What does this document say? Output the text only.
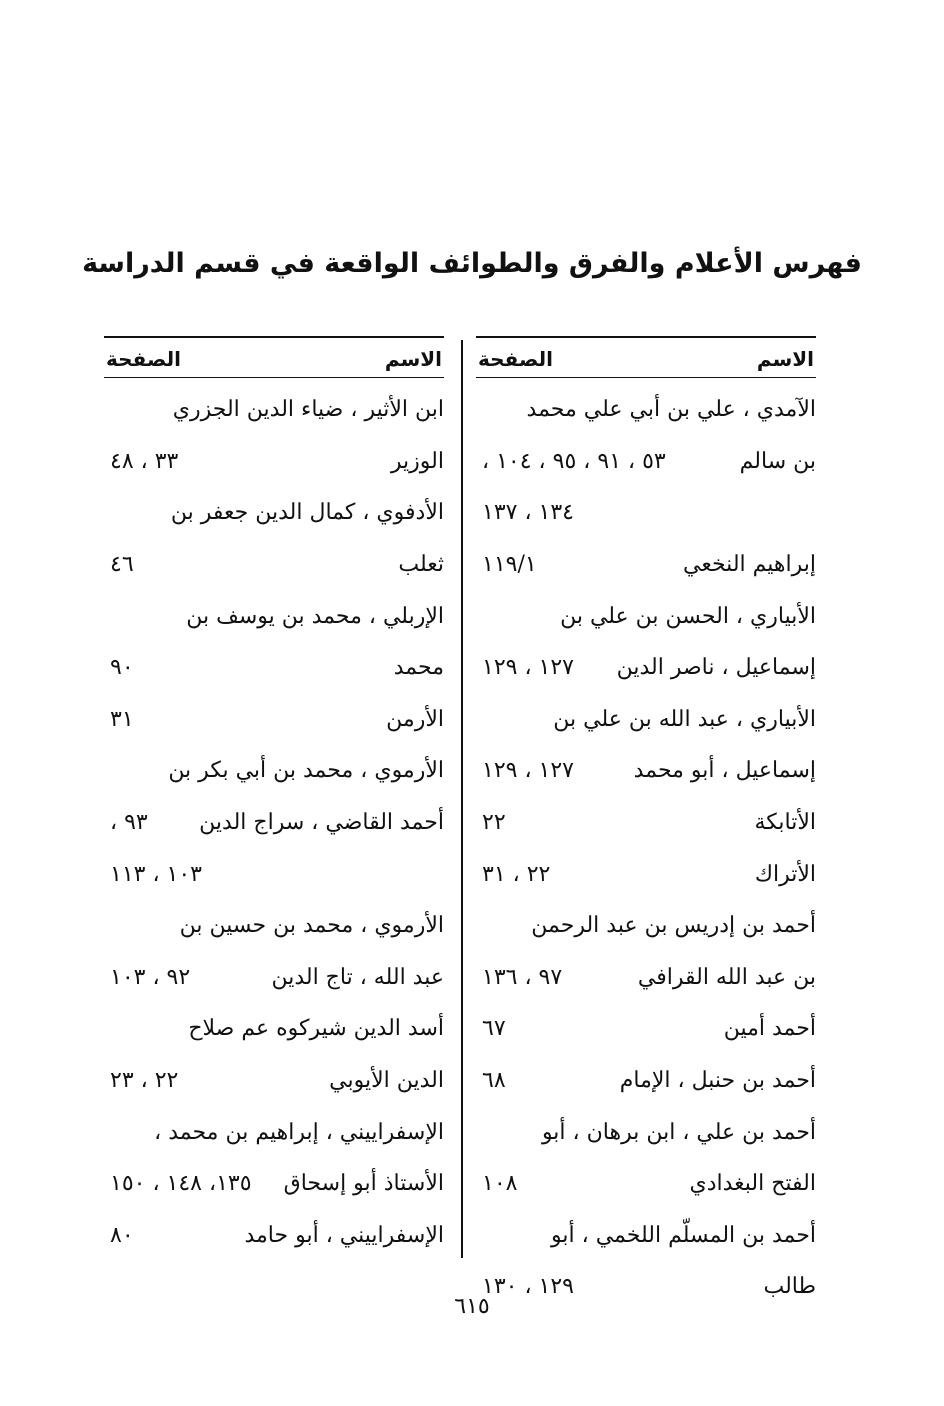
فهرس الأعلام والفرق والطوائف الواقعة في قسم الدراسة
الاسم
الصفحة
الآمدي ، علي بن أبي علي محمد
بن سالم
٥٣ ، ٩١ ، ٩٥ ، ١٠٤ ،
١٣٤ ، ١٣٧
إبراهيم النخعي
١١٩/١
الأبياري ، الحسن بن علي بن
إسماعيل ، ناصر الدين
١٢٧ ، ١٢٩
الأبياري ، عبد الله بن علي بن
إسماعيل ، أبو محمد
١٢٧ ، ١٢٩
الأتابكة
٢٢
الأتراك
٢٢ ، ٣١
أحمد بن إدريس بن عبد الرحمن
بن عبد الله القرافي
٩٧ ، ١٣٦
أحمد أمين
٦٧
أحمد بن حنبل ، الإمام
٦٨
أحمد بن علي ، ابن برهان ، أبو
الفتح البغدادي
١٠٨
أحمد بن المسلّم اللخمي ، أبو
طالب
١٢٩ ، ١٣٠
الاسم
الصفحة
ابن الأثير ، ضياء الدين الجزري
الوزير
٣٣ ، ٤٨
الأدفوي ، كمال الدين جعفر بن
ثعلب
٤٦
الإربلي ، محمد بن يوسف بن
محمد
٩٠
الأرمن
٣١
الأرموي ، محمد بن أبي بكر بن
أحمد القاضي ، سراج الدين
٩٣ ،
١٠٣ ، ١١٣
الأرموي ، محمد بن حسين بن
عبد الله ، تاج الدين
٩٢ ، ١٠٣
أسد الدين شيركوه عم صلاح
الدين الأيوبي
٢٢ ، ٢٣
الإسفراييني ، إبراهيم بن محمد ،
الأستاذ أبو إسحاق
١٣٥، ١٤٨ ، ١٥٠
الإسفراييني ، أبو حامد
٨٠
٦١٥
